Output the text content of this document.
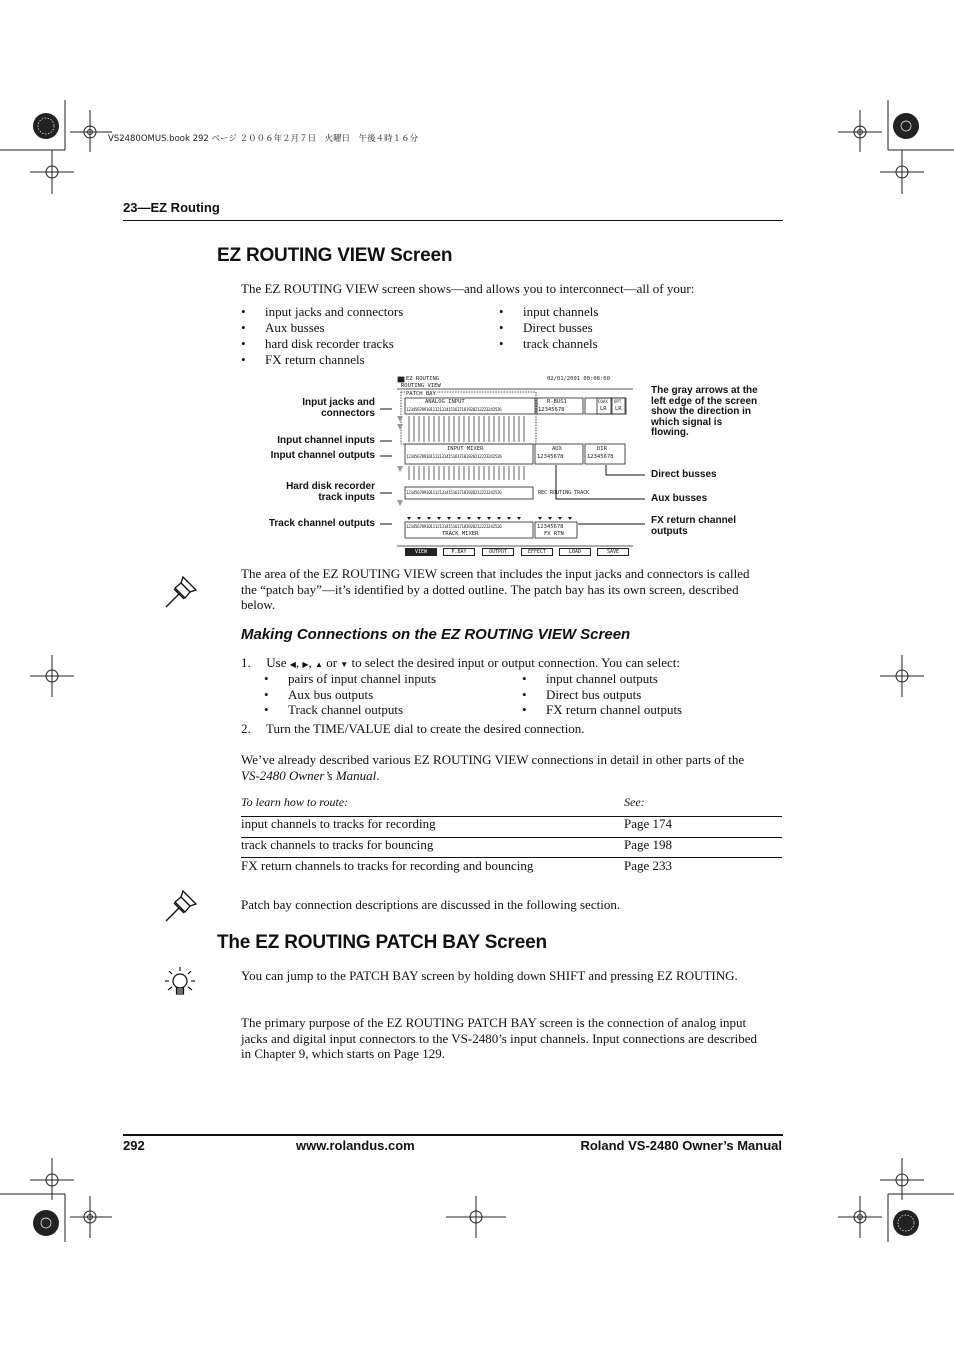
VS2480OMUS.book 292 ページ ２００６年２月７日　火曜日　午後４時１６分
23—EZ Routing
EZ ROUTING VIEW Screen
The EZ ROUTING VIEW screen shows—and allows you to interconnect—all of your:
• input jacks and connectors
• Aux busses
• hard disk recorder tracks
• FX return channels
• input channels
• Direct busses
• track channels
Input jacks and connectors
Input channel inputs
Input channel outputs
Hard disk recorder track inputs
Track channel outputs
The gray arrows at the left edge of the screen show the direction in which signal is flowing.
Direct busses
Aux busses
FX return channel outputs
EZ ROUTING	02/01/2001 00:08:00
ROUTING VIEW
PATCH BAY
ANALOG INPUT	R-BUS1	COAX OPT
LR LR
1234567891011121314151617181920212223242526	12345678
INPUT MIXER	AUX	DIR
1234567891011121314151617181920212223242526	12345678	12345678
1234567891011121314151617181920212223242526	REC ROUTING TRACK
1234567891011121314151617181920212223242526
TRACK MIXER
12345678
FX RTN
VIEW	P.BAY	OUTPUT	EFFECT	LOAD	SAVE
The area of the EZ ROUTING VIEW screen that includes the input jacks and connectors is called the “patch bay”—it’s identified by a dotted outline. The patch bay has its own screen, described below.
Making Connections on the EZ ROUTING VIEW Screen
1. Use ◀, ▶, ▲ or ▼ to select the desired input or output connection. You can select:
• pairs of input channel inputs
• Aux bus outputs
• Track channel outputs
• input channel outputs
• Direct bus outputs
• FX return channel outputs
2. Turn the TIME/VALUE dial to create the desired connection.
We’ve already described various EZ ROUTING VIEW connections in detail in other parts of the VS-2480 Owner’s Manual.
To learn how to route:	See:
input channels to tracks for recording	Page 174
track channels to tracks for bouncing	Page 198
FX return channels to tracks for recording and bouncing	Page 233
Patch bay connection descriptions are discussed in the following section.
The EZ ROUTING PATCH BAY Screen
You can jump to the PATCH BAY screen by holding down SHIFT and pressing EZ ROUTING.
The primary purpose of the EZ ROUTING PATCH BAY screen is the connection of analog input jacks and digital input connectors to the VS-2480’s input channels. Input connections are described in Chapter 9, which starts on Page 129.
292	www.rolandus.com	Roland VS-2480 Owner’s Manual
